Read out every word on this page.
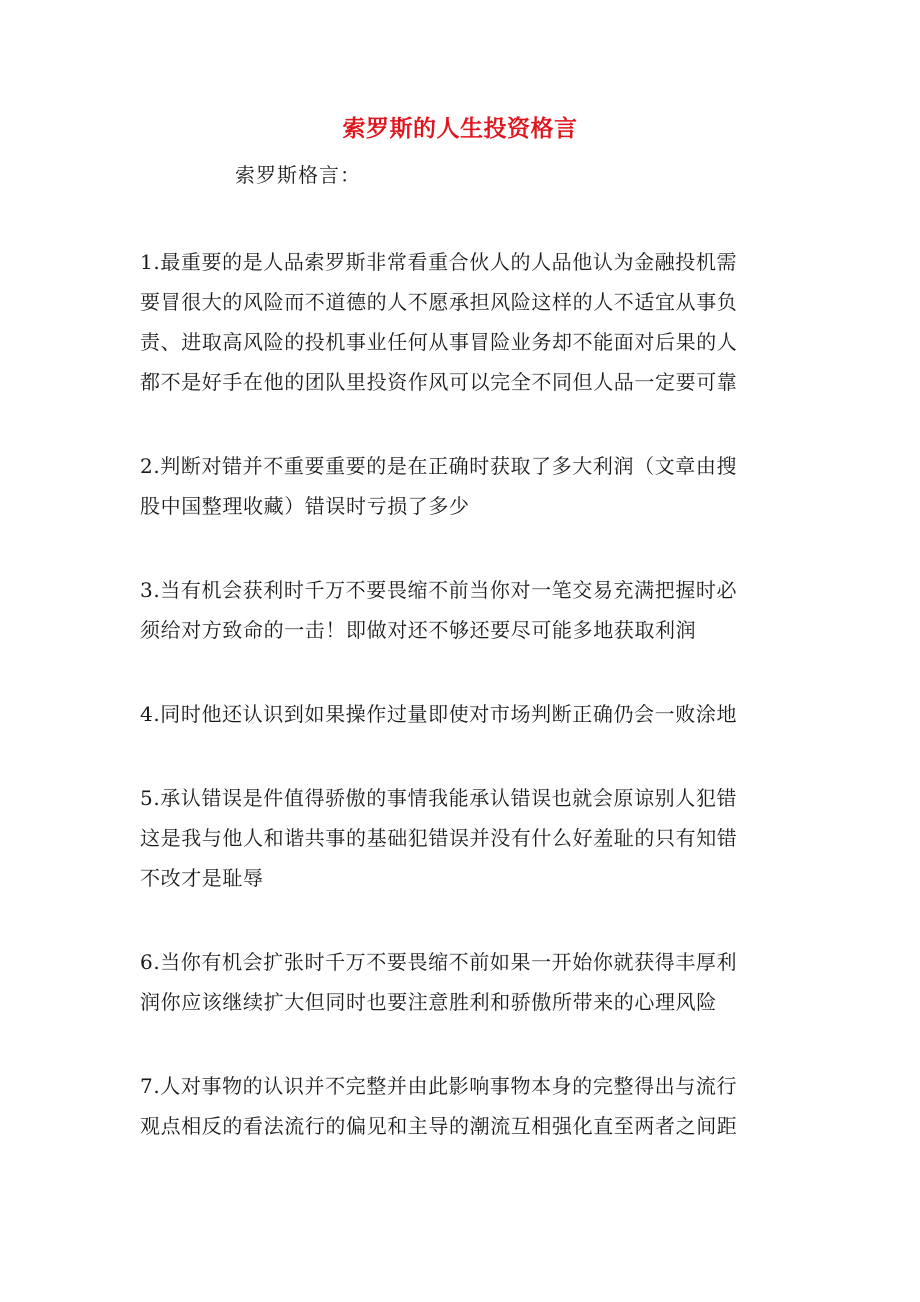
索罗斯的人生投资格言
索罗斯格言：

1.最重要的是人品索罗斯非常看重合伙人的人品他认为金融投机需
要冒很大的风险而不道德的人不愿承担风险这样的人不适宜从事负
责、进取高风险的投机事业任何从事冒险业务却不能面对后果的人
都不是好手在他的团队里投资作风可以完全不同但人品一定要可靠

2.判断对错并不重要重要的是在正确时获取了多大利润（文章由搜
股中国整理收藏）错误时亏损了多少

3.当有机会获利时千万不要畏缩不前当你对一笔交易充满把握时必
须给对方致命的一击！即做对还不够还要尽可能多地获取利润

4.同时他还认识到如果操作过量即使对市场判断正确仍会一败涂地

5.承认错误是件值得骄傲的事情我能承认错误也就会原谅别人犯错
这是我与他人和谐共事的基础犯错误并没有什么好羞耻的只有知错
不改才是耻辱

6.当你有机会扩张时千万不要畏缩不前如果一开始你就获得丰厚利
润你应该继续扩大但同时也要注意胜利和骄傲所带来的心理风险

7.人对事物的认识并不完整并由此影响事物本身的完整得出与流行
观点相反的看法流行的偏见和主导的潮流互相强化直至两者之间距
